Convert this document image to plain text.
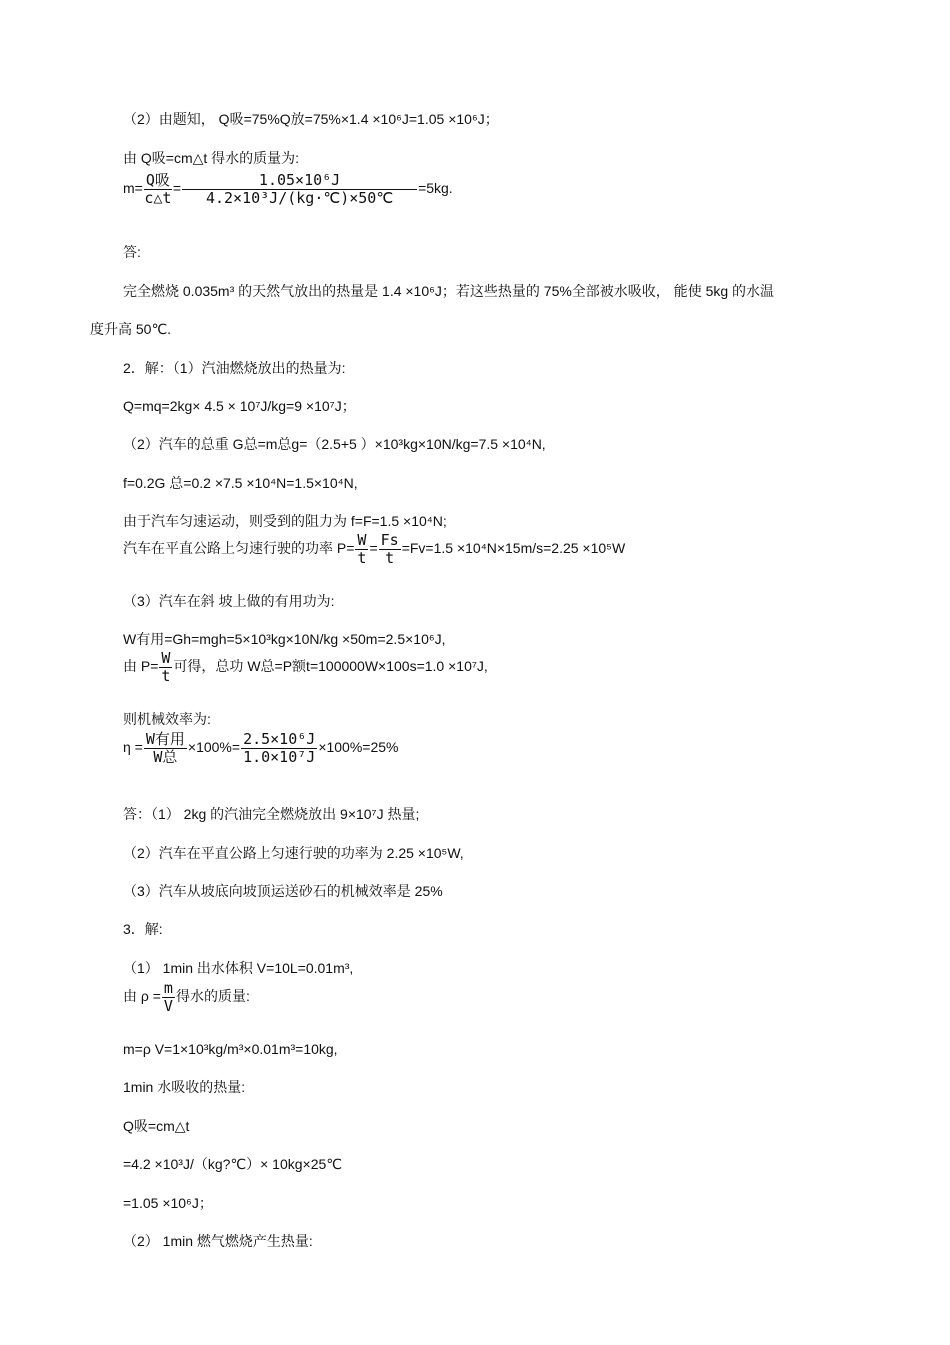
（2）由题知， Q吸=75%Q放=75%×1.4 ×10⁶J=1.05 ×10⁶J；
由 Q吸=cm△t 得水的质量为:
$m= \frac{\text{Q吸}}{c\triangle t} = \frac{\text{1.05×10⁶J}}{\text{4.2×10³J/(kg·℃)×50℃}} =5kg$.
答:
完全燃烧 0.035m³ 的天然气放出的热量是 1.4 ×10⁶J；若这些热量的 75%全部被水吸收， 能使 5kg 的水温
度升高 50℃.
2．解：（1）汽油燃烧放出的热量为:
Q=mq=2kg× 4.5 × 10⁷J/kg=9 ×10⁷J；
（2）汽车的总重 G总=m总g=（2.5+5 ）×10³kg×10N/kg=7.5 ×10⁴N,
f=0.2G 总=0.2 ×7.5 ×10⁴N=1.5×10⁴N,
由于汽车匀速运动，则受到的阻力为 f=F=1.5 ×10⁴N;
汽车在平直公路上匀速行驶的功率 $P= \frac{W}{t} = \frac{Fs}{t} =Fv=1.5 \times 10^4N\times 15m/s=2.25 \times 10^5W$
（3）汽车在斜 坡上做的有用功为:
W有用=Gh=mgh=5×10³kg×10N/kg ×50m=2.5×10⁶J,
由 $P= \frac{W}{t}$ 可得，总功 W总=P额t=100000W×100s=1.0 ×10⁷J,
则机械效率为:
$\eta = \frac{\text{W有用}}{\text{W总}} \times 100\%= \frac{\text{2.5×10⁶J}}{\text{1.0×10⁷J}} \times 100\%=25\%$
答：（1） 2kg 的汽油完全燃烧放出 9×10⁷J 热量;
（2）汽车在平直公路上匀速行驶的功率为 2.25 ×10⁵W,
（3）汽车从坡底向坡顶运送砂石的机械效率是 25%
3．解:
（1） 1min 出水体积 V=10L=0.01m³,
由 $\rho = \frac{m}{V}$ 得水的质量:
m=ρ V=1×10³kg/m³×0.01m³=10kg,
1min 水吸收的热量:
Q吸=cm△t
=4.2 ×10³J/（kg?℃）× 10kg×25℃
=1.05 ×10⁶J；
（2） 1min 燃气燃烧产生热量:
